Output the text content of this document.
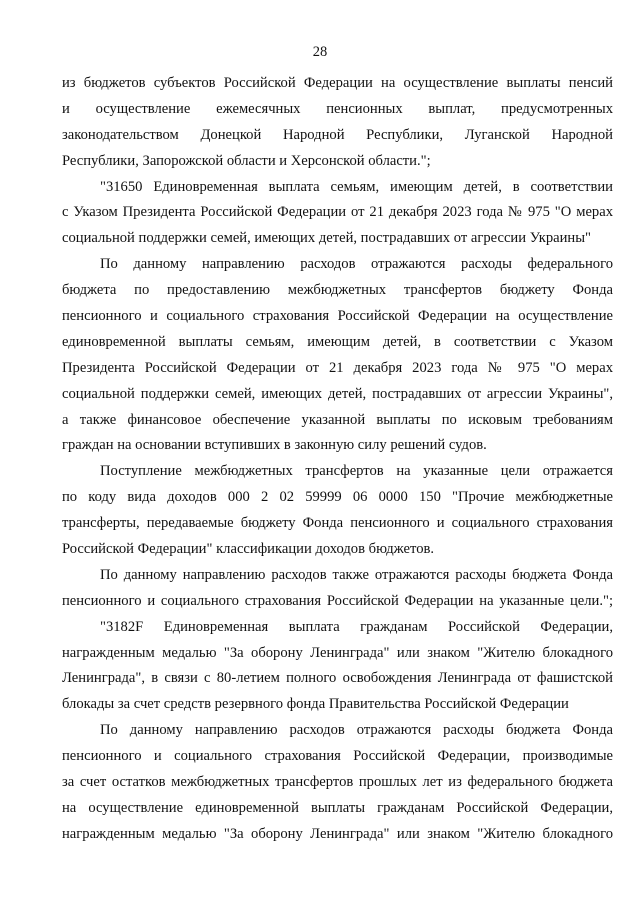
28
из бюджетов субъектов Российской Федерации на осуществление выплаты пенсий
и осуществление ежемесячных пенсионных выплат, предусмотренных
законодательством Донецкой Народной Республики, Луганской Народной
Республики, Запорожской области и Херсонской области.";
"31650 Единовременная выплата семьям, имеющим детей, в соответствии
с Указом Президента Российской Федерации от 21 декабря 2023 года № 975 "О мерах
социальной поддержки семей, имеющих детей, пострадавших от агрессии Украины"
По данному направлению расходов отражаются расходы федерального
бюджета по предоставлению межбюджетных трансфертов бюджету Фонда
пенсионного и социального страхования Российской Федерации на осуществление
единовременной выплаты семьям, имеющим детей, в соответствии с Указом
Президента Российской Федерации от 21 декабря 2023 года № 975 "О мерах
социальной поддержки семей, имеющих детей, пострадавших от агрессии Украины",
а также финансовое обеспечение указанной выплаты по исковым требованиям
граждан на основании вступивших в законную силу решений судов.
Поступление межбюджетных трансфертов на указанные цели отражается
по коду вида доходов 000 2 02 59999 06 0000 150 "Прочие межбюджетные
трансферты, передаваемые бюджету Фонда пенсионного и социального страхования
Российской Федерации" классификации доходов бюджетов.
По данному направлению расходов также отражаются расходы бюджета Фонда
пенсионного и социального страхования Российской Федерации на указанные цели.";
"3182F Единовременная выплата гражданам Российской Федерации,
награжденным медалью "За оборону Ленинграда" или знаком "Жителю блокадного
Ленинграда", в связи с 80-летием полного освобождения Ленинграда от фашистской
блокады за счет средств резервного фонда Правительства Российской Федерации
По данному направлению расходов отражаются расходы бюджета Фонда
пенсионного и социального страхования Российской Федерации, производимые
за счет остатков межбюджетных трансфертов прошлых лет из федерального бюджета
на осуществление единовременной выплаты гражданам Российской Федерации,
награжденным медалью "За оборону Ленинграда" или знаком "Жителю блокадного
